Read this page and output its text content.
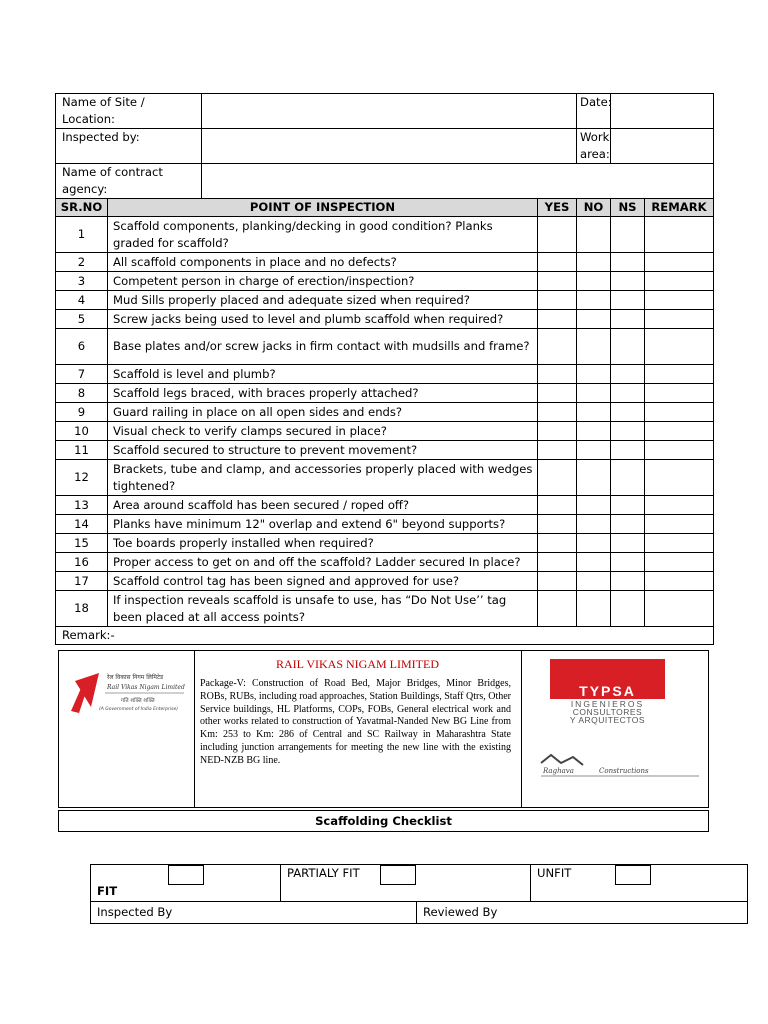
Name of Site / Location:				Date:		
Inspected by:				Work area:		
Name of contract agency:						
SR.NO	POINT OF INSPECTION		YES	NO	NS	REMARK
1	Scaffold components, planking/decking in good condition? Planks graded for scaffold?					
2	All scaffold components in place and no defects?					
3	Competent person in charge of erection/inspection?					
4	Mud Sills properly placed and adequate sized when required?					
5	Screw jacks being used to level and plumb scaffold when required?					
6	Base plates and/or screw jacks in firm contact with mudsills and frame?					
7	Scaffold is level and plumb?					
8	Scaffold legs braced, with braces properly attached?					
9	Guard railing in place on all open sides and ends?					
10	Visual check to verify clamps secured in place?					
11	Scaffold secured to structure to prevent movement?					
12	Brackets, tube and clamp, and accessories properly placed with wedges tightened?					
13	Area around scaffold has been secured / roped off?					
14	Planks have minimum 12" overlap and extend 6" beyond supports?					
15	Toe boards properly installed when required?					
16	Proper access to get on and off the scaffold? Ladder secured In place?					
17	Scaffold control tag has been signed and approved for use?					
18	If inspection reveals scaffold is unsafe to use, has “Do Not Use’’ tag been placed at all access points?					
Remark:-						
रेल विकास निगम लिमिटेड
Rail Vikas Nigam Limited
गति शक्ति शक्ति
(A Government of India Enterprise)
RAIL VIKAS NIGAM LIMITED
Package-V: Construction of Road Bed, Major Bridges, Minor Bridges, ROBs, RUBs, including road approaches, Station Buildings, Staff Qtrs, Other Service buildings, HL Platforms, COPs, FOBs, General electrical work and other works related to construction of Yavatmal-Nanded New BG Line from Km: 253 to Km: 286 of Central and SC Railway in Maharashtra State including junction arrangements for meeting the new line with the existing NED-NZB BG line.
TYPSA
INGENIEROS
CONSULTORES
Y ARQUITECTOS
Raghava	Constructions
Scaffolding Checklist
FIT	PARTIALY FIT		UNFIT

Inspected By		Reviewed By	
